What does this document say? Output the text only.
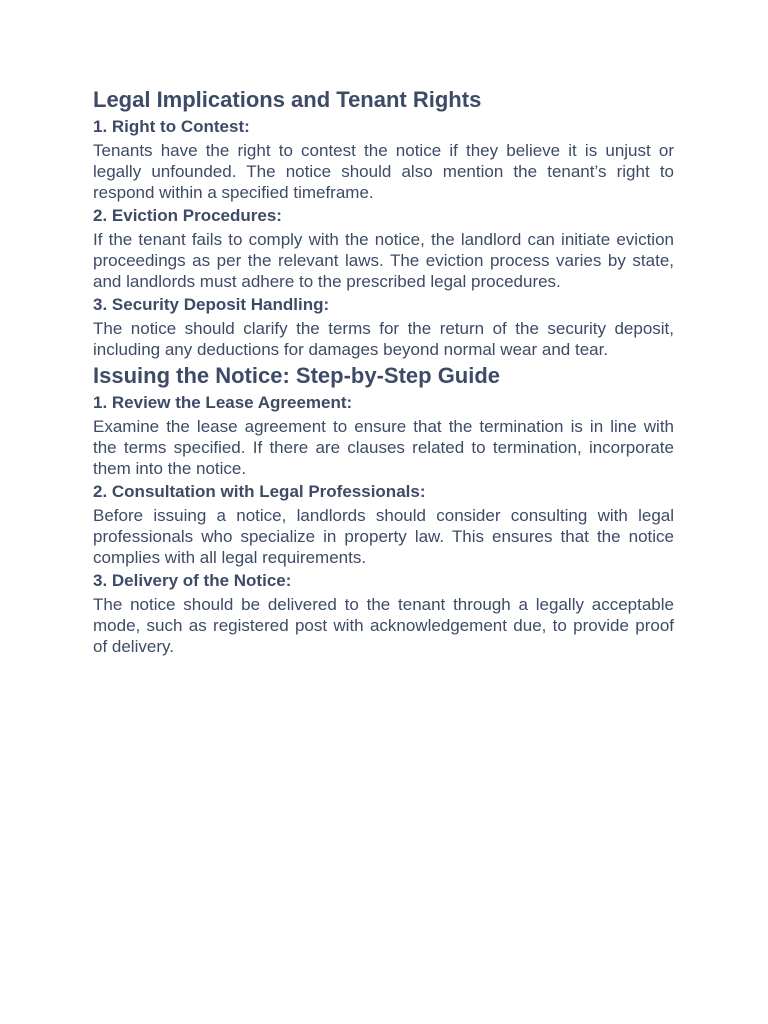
Legal Implications and Tenant Rights
1. Right to Contest:

Tenants have the right to contest the notice if they believe it is unjust or legally unfounded. The notice should also mention the tenant’s right to respond within a specified timeframe.

2. Eviction Procedures:

If the tenant fails to comply with the notice, the landlord can initiate eviction proceedings as per the relevant laws. The eviction process varies by state, and landlords must adhere to the prescribed legal procedures.

3. Security Deposit Handling:

The notice should clarify the terms for the return of the security deposit, including any deductions for damages beyond normal wear and tear.

Issuing the Notice: Step-by-Step Guide
1. Review the Lease Agreement:

Examine the lease agreement to ensure that the termination is in line with the terms specified. If there are clauses related to termination, incorporate them into the notice.

2. Consultation with Legal Professionals:

Before issuing a notice, landlords should consider consulting with legal professionals who specialize in property law. This ensures that the notice complies with all legal requirements.

3. Delivery of the Notice:

The notice should be delivered to the tenant through a legally acceptable mode, such as registered post with acknowledgement due, to provide proof of delivery.
